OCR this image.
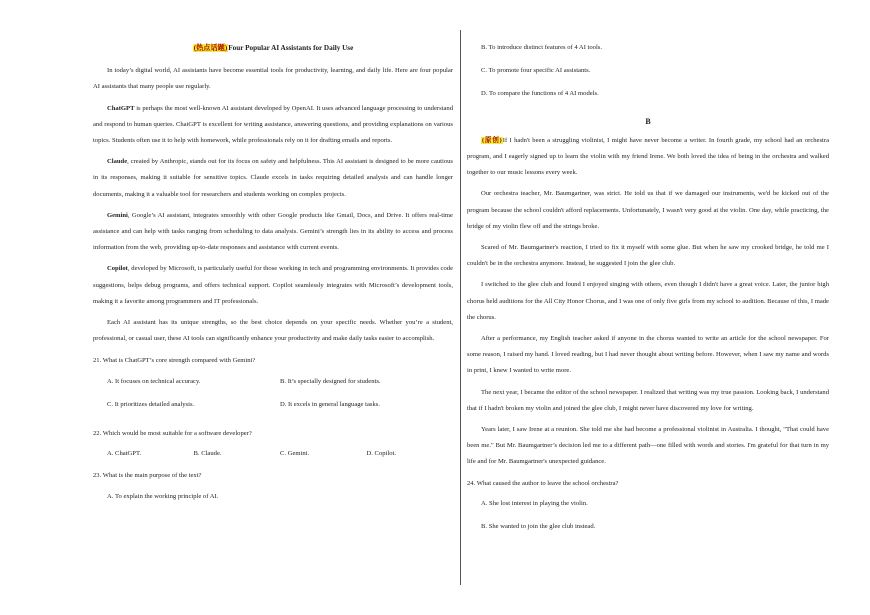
(热点话题)Four Popular AI Assistants for Daily Use

In today’s digital world, AI assistants have become essential tools for productivity, learning, and daily life. Here are four popular AI assistants that many people use regularly.

ChatGPT is perhaps the most well-known AI assistant developed by OpenAI. It uses advanced language processing to understand and respond to human queries. ChatGPT is excellent for writing assistance, answering questions, and providing explanations on various topics. Students often use it to help with homework, while professionals rely on it for drafting emails and reports.

Claude, created by Anthropic, stands out for its focus on safety and helpfulness. This AI assistant is designed to be more cautious in its responses, making it suitable for sensitive topics. Claude excels in tasks requiring detailed analysis and can handle longer documents, making it a valuable tool for researchers and students working on complex projects.

Gemini, Google’s AI assistant, integrates smoothly with other Google products like Gmail, Docs, and Drive. It offers real-time assistance and can help with tasks ranging from scheduling to data analysis. Gemini’s strength lies in its ability to access and process information from the web, providing up-to-date responses and assistance with current events.

Copilot, developed by Microsoft, is particularly useful for those working in tech and programming environments. It provides code suggestions, helps debug programs, and offers technical support. Copilot seamlessly integrates with Microsoft’s development tools, making it a favorite among programmers and IT professionals.

Each AI assistant has its unique strengths, so the best choice depends on your specific needs. Whether you’re a student, professional, or casual user, these AI tools can significantly enhance your productivity and make daily tasks easier to accomplish.

21. What is ChatGPT’s core strength compared with Gemini?
A. It focuses on technical accuracy.	B. It’s specially designed for students.
C. It prioritizes detailed analysis.	D. It excels in general language tasks.
22. Which would be most suitable for a software developer?
A. ChatGPT.	B. Claude.	C. Gemini.	D. Copilot.
23. What is the main purpose of the text?
A. To explain the working principle of AI.
B. To introduce distinct features of 4 AI tools.
C. To promote four specific AI assistants.
D. To compare the functions of 4 AI models.
B

(原创)If I hadn't been a struggling violinist, I might have never become a writer. In fourth grade, my school had an orchestra program, and I eagerly signed up to learn the violin with my friend Irene. We both loved the idea of being in the orchestra and walked together to our music lessons every week.

Our orchestra teacher, Mr. Baumgartner, was strict. He told us that if we damaged our instruments, we'd be kicked out of the program because the school couldn't afford replacements. Unfortunately, I wasn't very good at the violin. One day, while practicing, the bridge of my violin flew off and the strings broke.

Scared of Mr. Baumgartner's reaction, I tried to fix it myself with some glue. But when he saw my crooked bridge, he told me I couldn't be in the orchestra anymore. Instead, he suggested I join the glee club.

I switched to the glee club and found I enjoyed singing with others, even though I didn't have a great voice. Later, the junior high chorus held auditions for the All City Honor Chorus, and I was one of only five girls from my school to audition. Because of this, I made the chorus.

After a performance, my English teacher asked if anyone in the chorus wanted to write an article for the school newspaper. For some reason, I raised my hand. I loved reading, but I had never thought about writing before. However, when I saw my name and words in print, I knew I wanted to write more.

The next year, I became the editor of the school newspaper. I realized that writing was my true passion. Looking back, I understand that if I hadn't broken my violin and joined the glee club, I might never have discovered my love for writing.

Years later, I saw Irene at a reunion. She told me she had become a professional violinist in Australia. I thought, "That could have been me." But Mr. Baumgartner’s decision led me to a different path—one filled with words and stories. I'm grateful for that turn in my life and for Mr. Baumgartner's unexpected guidance.

24. What caused the author to leave the school orchestra?
A. She lost interest in playing the violin.
B. She wanted to join the glee club instead.
